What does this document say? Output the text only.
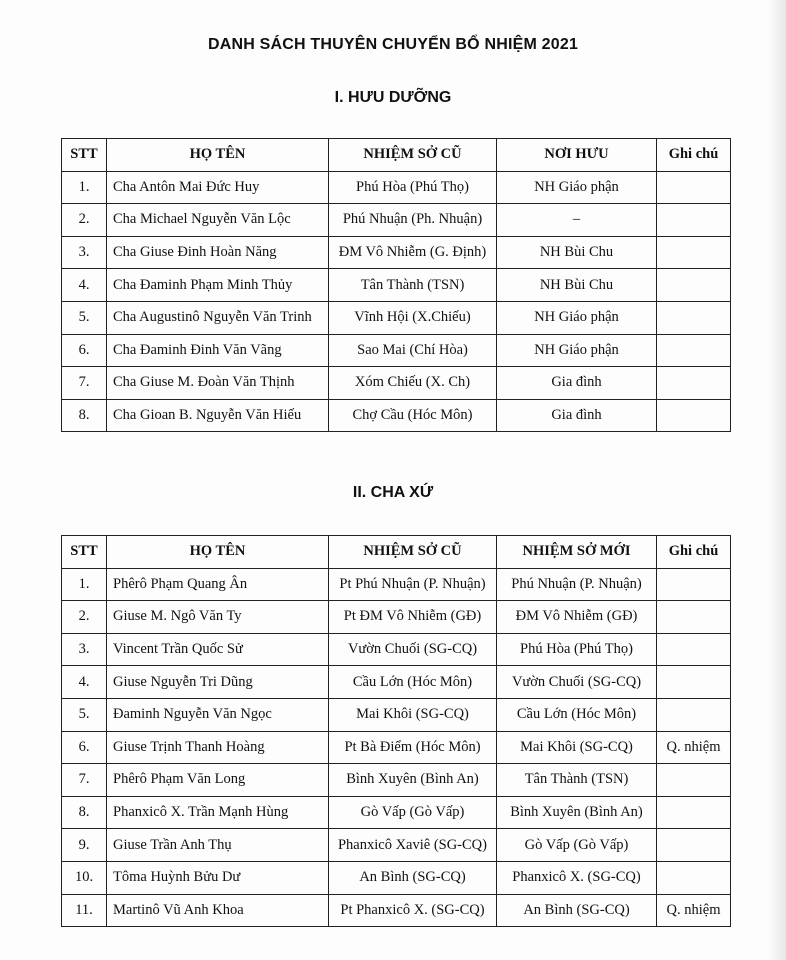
DANH SÁCH THUYÊN CHUYỂN BỔ NHIỆM 2021
I. HƯU DƯỠNG
STT	HỌ TÊN	NHIỆM SỞ CŨ	NƠI HƯU	Ghi chú
1.	Cha Antôn Mai Đức Huy	Phú Hòa (Phú Thọ)	NH Giáo phận	
2.	Cha Michael Nguyễn Văn Lộc	Phú Nhuận (Ph. Nhuận)	–	
3.	Cha Giuse Đinh Hoàn Năng	ĐM Vô Nhiễm (G. Định)	NH Bùi Chu	
4.	Cha Đaminh Phạm Minh Thủy	Tân Thành (TSN)	NH Bùi Chu	
5.	Cha Augustinô Nguyễn Văn Trinh	Vĩnh Hội (X.Chiếu)	NH Giáo phận	
6.	Cha Đaminh Đinh Văn Vãng	Sao Mai (Chí Hòa)	NH Giáo phận	
7.	Cha Giuse M. Đoàn Văn Thịnh	Xóm Chiếu (X. Ch)	Gia đình	
8.	Cha Gioan B. Nguyễn Văn Hiếu	Chợ Cầu (Hóc Môn)	Gia đình	
II. CHA XỨ
STT	HỌ TÊN	NHIỆM SỞ CŨ	NHIỆM SỞ MỚI	Ghi chú
1.	Phêrô Phạm Quang Ân	Pt Phú Nhuận (P. Nhuận)	Phú Nhuận (P. Nhuận)	
2.	Giuse M. Ngô Văn Ty	Pt ĐM Vô Nhiễm (GĐ)	ĐM Vô Nhiễm (GĐ)	
3.	Vincent Trần Quốc Sử	Vườn Chuối (SG-CQ)	Phú Hòa (Phú Thọ)	
4.	Giuse Nguyễn Tri Dũng	Cầu Lớn (Hóc Môn)	Vườn Chuối (SG-CQ)	
5.	Đaminh Nguyễn Văn Ngọc	Mai Khôi (SG-CQ)	Cầu Lớn (Hóc Môn)	
6.	Giuse Trịnh Thanh Hoàng	Pt Bà Điểm (Hóc Môn)	Mai Khôi (SG-CQ)	Q. nhiệm
7.	Phêrô Phạm Văn Long	Bình Xuyên (Bình An)	Tân Thành (TSN)	
8.	Phanxicô X. Trần Mạnh Hùng	Gò Vấp (Gò Vấp)	Bình Xuyên (Bình An)	
9.	Giuse Trần Anh Thụ	Phanxicô Xaviê (SG-CQ)	Gò Vấp (Gò Vấp)	
10.	Tôma Huỳnh Bửu Dư	An Bình (SG-CQ)	Phanxicô X. (SG-CQ)	
11.	Martinô Vũ Anh Khoa	Pt Phanxicô X. (SG-CQ)	An Bình (SG-CQ)	Q. nhiệm
